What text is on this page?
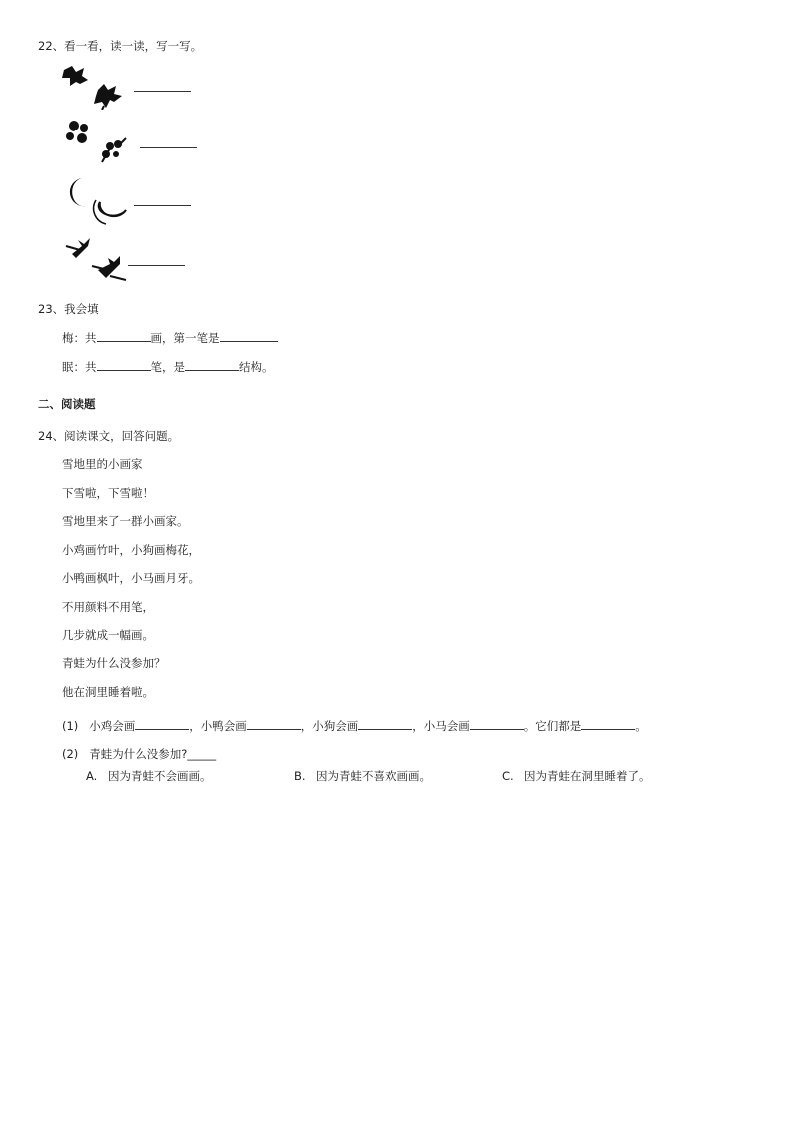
22、看一看，读一读，写一写。
23、我会填
梅：共	画，第一笔是
眠：共	笔，是	结构。
二、阅读题
24、阅读课文，回答问题。
雪地里的小画家
下雪啦，下雪啦！
雪地里来了一群小画家。
小鸡画竹叶，小狗画梅花，
小鸭画枫叶，小马画月牙。
不用颜料不用笔，
几步就成一幅画。
青蛙为什么没参加？
他在洞里睡着啦。
(1) 小鸡会画	，小鸭会画	，小狗会画	，小马会画	。它们都是	。
(2) 青蛙为什么没参加?_____
A. 因为青蛙不会画画。	B. 因为青蛙不喜欢画画。	C. 因为青蛙在洞里睡着了。
